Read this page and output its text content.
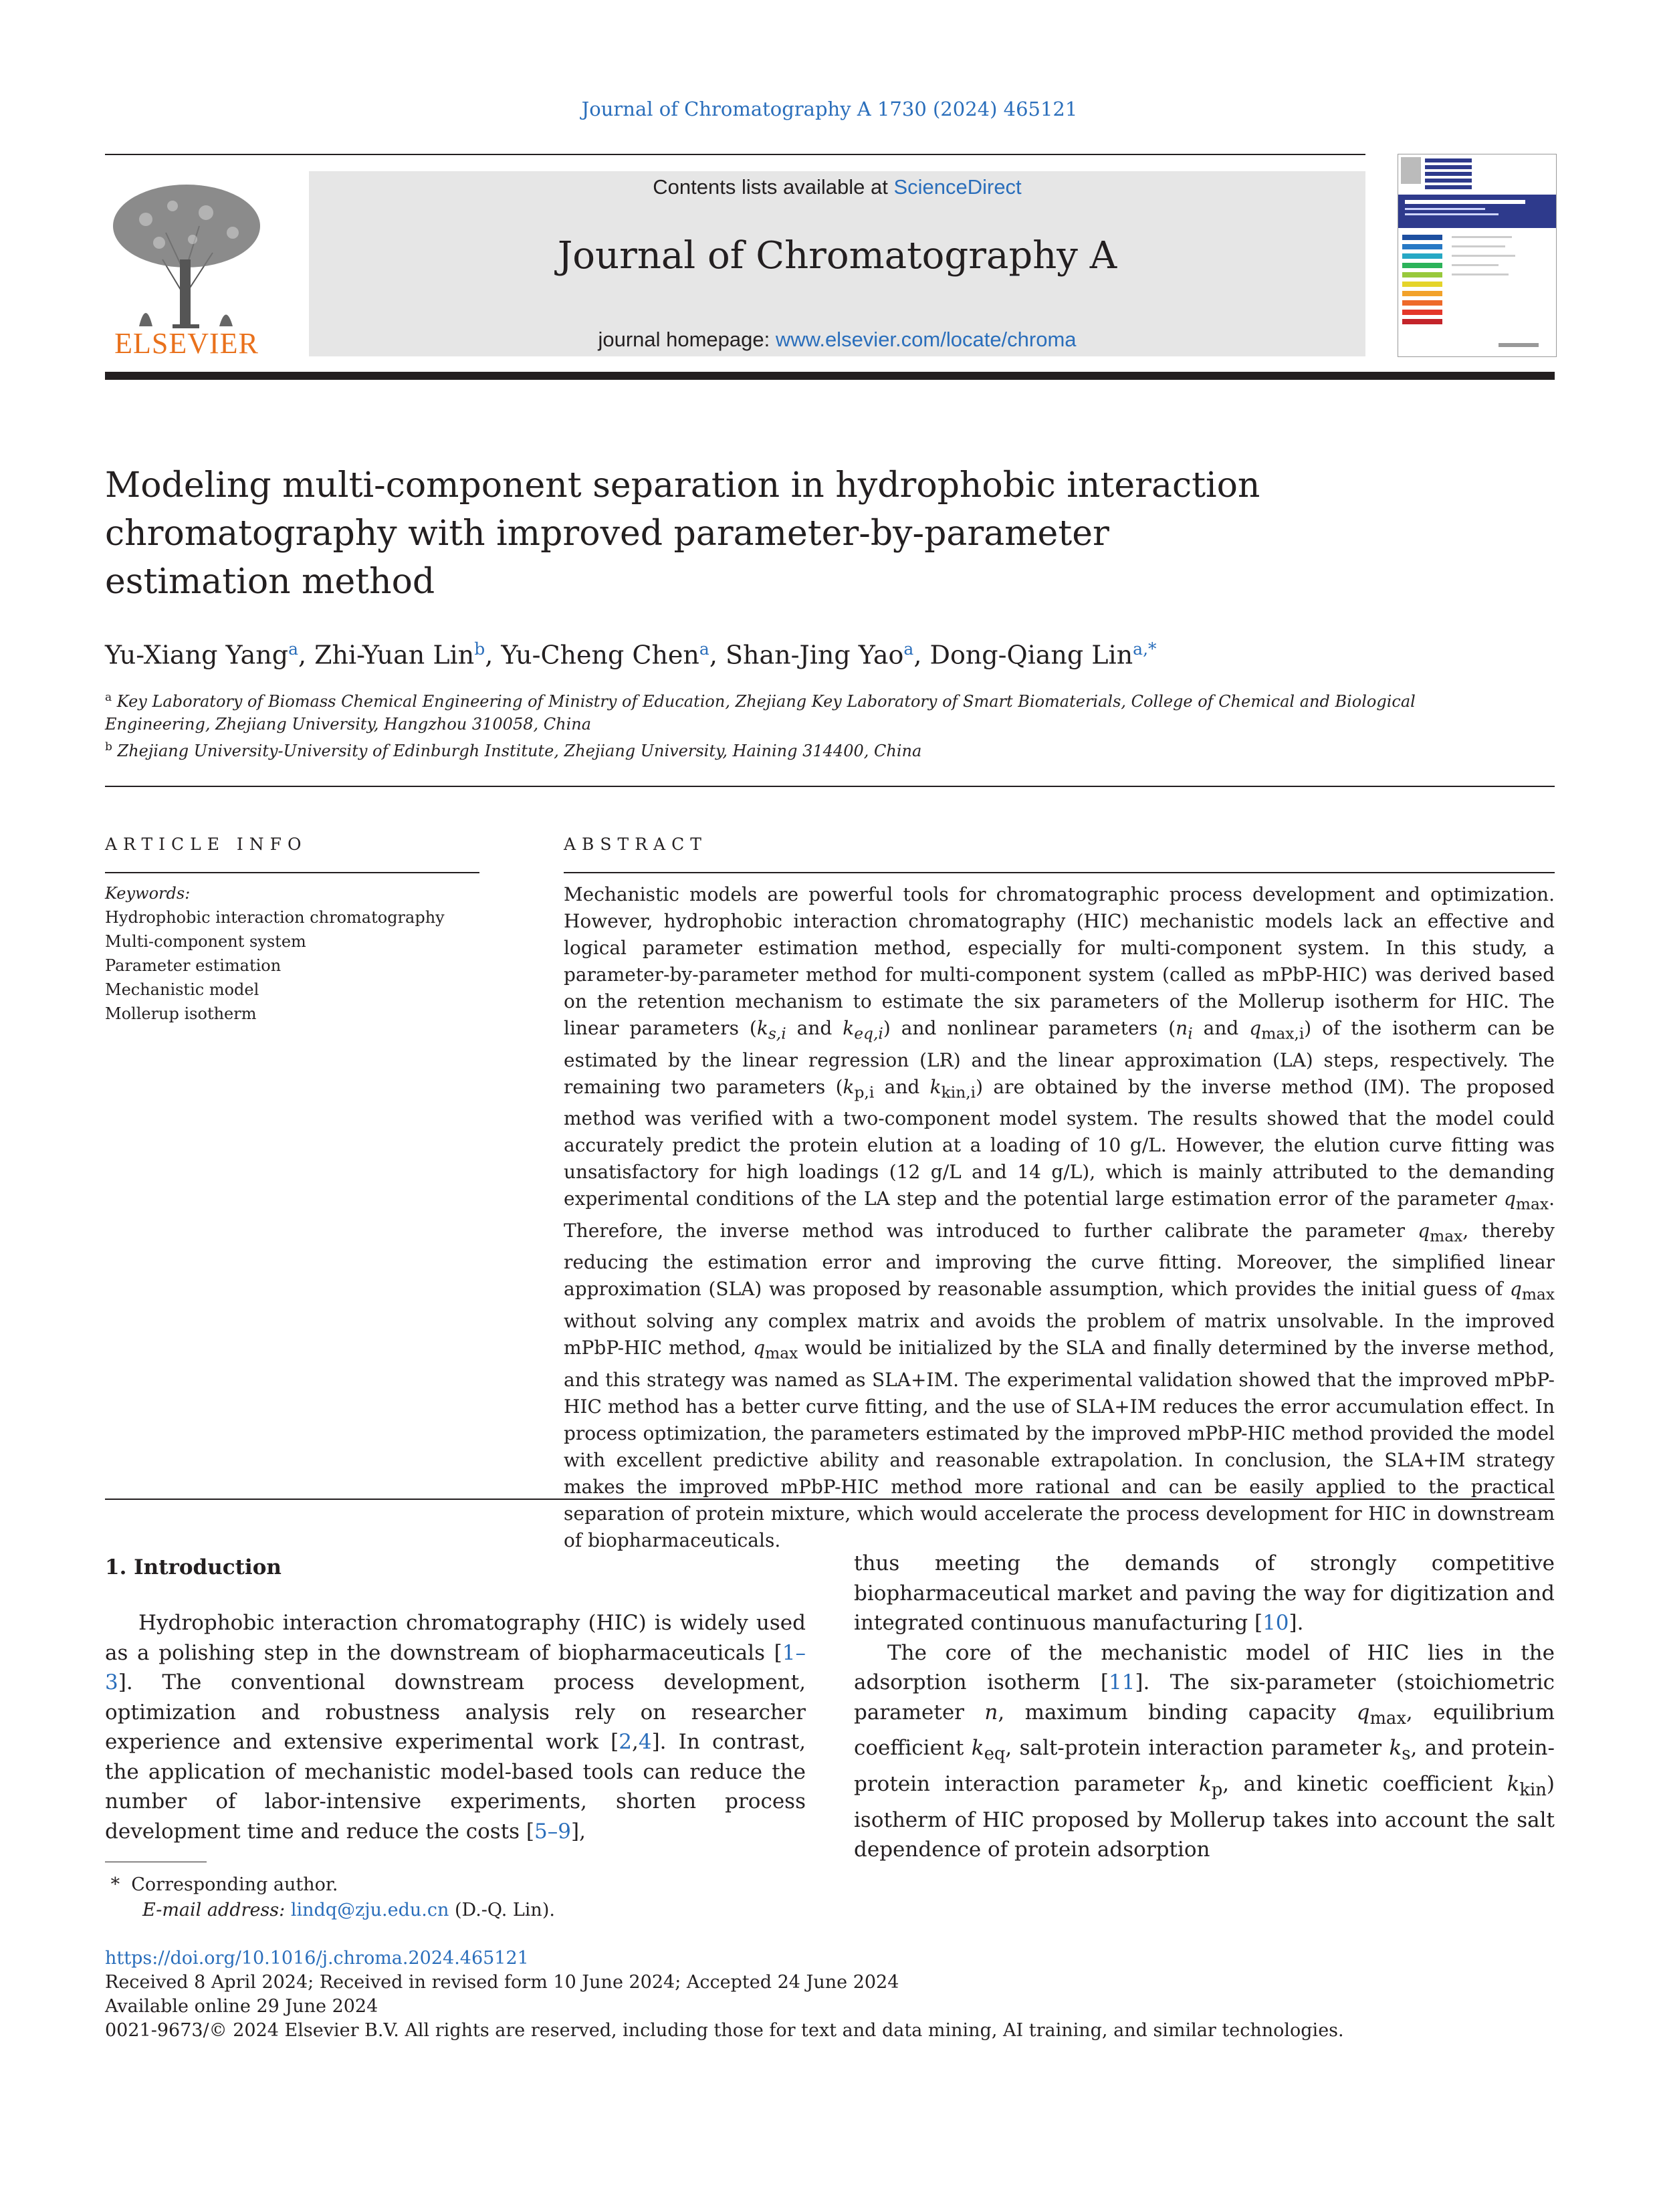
Journal of Chromatography A 1730 (2024) 465121
ELSEVIER
Contents lists available at ScienceDirect
Journal of Chromatography A
journal homepage: www.elsevier.com/locate/chroma
Modeling multi-component separation in hydrophobic interaction
chromatography with improved parameter-by-parameter
estimation method
Yu-Xiang Yang$^a$, Zhi-Yuan Lin$^b$, Yu-Cheng Chen$^a$, Shan-Jing Yao$^a$, Dong-Qiang Lin$^{a,*}$
$^a$ Key Laboratory of Biomass Chemical Engineering of Ministry of Education, Zhejiang Key Laboratory of Smart Biomaterials, College of Chemical and Biological
Engineering, Zhejiang University, Hangzhou 310058, China
$^b$ Zhejiang University-University of Edinburgh Institute, Zhejiang University, Haining 314400, China
ARTICLE INFO	ABSTRACT
Keywords:
Hydrophobic interaction chromatography
Multi-component system
Parameter estimation
Mechanistic model
Mollerup isotherm
Mechanistic models are powerful tools for chromatographic process development and optimization. However, hydrophobic interaction chromatography (HIC) mechanistic models lack an effective and logical parameter estimation method, especially for multi-component system. In this study, a parameter-by-parameter method for multi-component system (called as mPbP-HIC) was derived based on the retention mechanism to estimate the six parameters of the Mollerup isotherm for HIC. The linear parameters ($k_{s,i}$ and $k_{eq,i}$) and nonlinear parameters ($n_i$ and $q_{max,i}$) of the isotherm can be estimated by the linear regression (LR) and the linear approximation (LA) steps, respectively. The remaining two parameters ($k_{p,i}$ and $k_{kin,i}$) are obtained by the inverse method (IM). The proposed method was verified with a two-component model system. The results showed that the model could accurately predict the protein elution at a loading of 10 g/L. However, the elution curve fitting was unsatisfactory for high loadings (12 g/L and 14 g/L), which is mainly attributed to the demanding experimental conditions of the LA step and the potential large estimation error of the parameter $q_{max}$. Therefore, the inverse method was introduced to further calibrate the parameter $q_{max}$, thereby reducing the estimation error and improving the curve fitting. Moreover, the simplified linear approximation (SLA) was proposed by reasonable assumption, which provides the initial guess of $q_{max}$ without solving any complex matrix and avoids the problem of matrix unsolvable. In the improved mPbP-HIC method, $q_{max}$ would be initialized by the SLA and finally determined by the inverse method, and this strategy was named as SLA+IM. The experimental validation showed that the improved mPbP-HIC method has a better curve fitting, and the use of SLA+IM reduces the error accumulation effect. In process optimization, the parameters estimated by the improved mPbP-HIC method provided the model with excellent predictive ability and reasonable extrapolation. In conclusion, the SLA+IM strategy makes the improved mPbP-HIC method more rational and can be easily applied to the practical separation of protein mixture, which would accelerate the process development for HIC in downstream of biopharmaceuticals.
1. Introduction

Hydrophobic interaction chromatography (HIC) is widely used as a polishing step in the downstream of biopharmaceuticals [1–3]. The conventional downstream process development, optimization and robustness analysis rely on researcher experience and extensive experimental work [2,4]. In contrast, the application of mechanistic model-based tools can reduce the number of labor-intensive experiments, shorten process development time and reduce the costs [5–9],

thus meeting the demands of strongly competitive biopharmaceutical market and paving the way for digitization and integrated continuous manufacturing [10].

The core of the mechanistic model of HIC lies in the adsorption isotherm [11]. The six-parameter (stoichiometric parameter n, maximum binding capacity $q_{max}$, equilibrium coefficient $k_{eq}$, salt-protein interaction parameter $k_s$, and protein-protein interaction parameter $k_p$, and kinetic coefficient $k_{kin}$) isotherm of HIC proposed by Mollerup takes into account the salt dependence of protein adsorption

* Corresponding author.
E-mail address: lindq@zju.edu.cn (D.-Q. Lin).
https://doi.org/10.1016/j.chroma.2024.465121
Received 8 April 2024; Received in revised form 10 June 2024; Accepted 24 June 2024
Available online 29 June 2024
0021-9673/© 2024 Elsevier B.V. All rights are reserved, including those for text and data mining, AI training, and similar technologies.
